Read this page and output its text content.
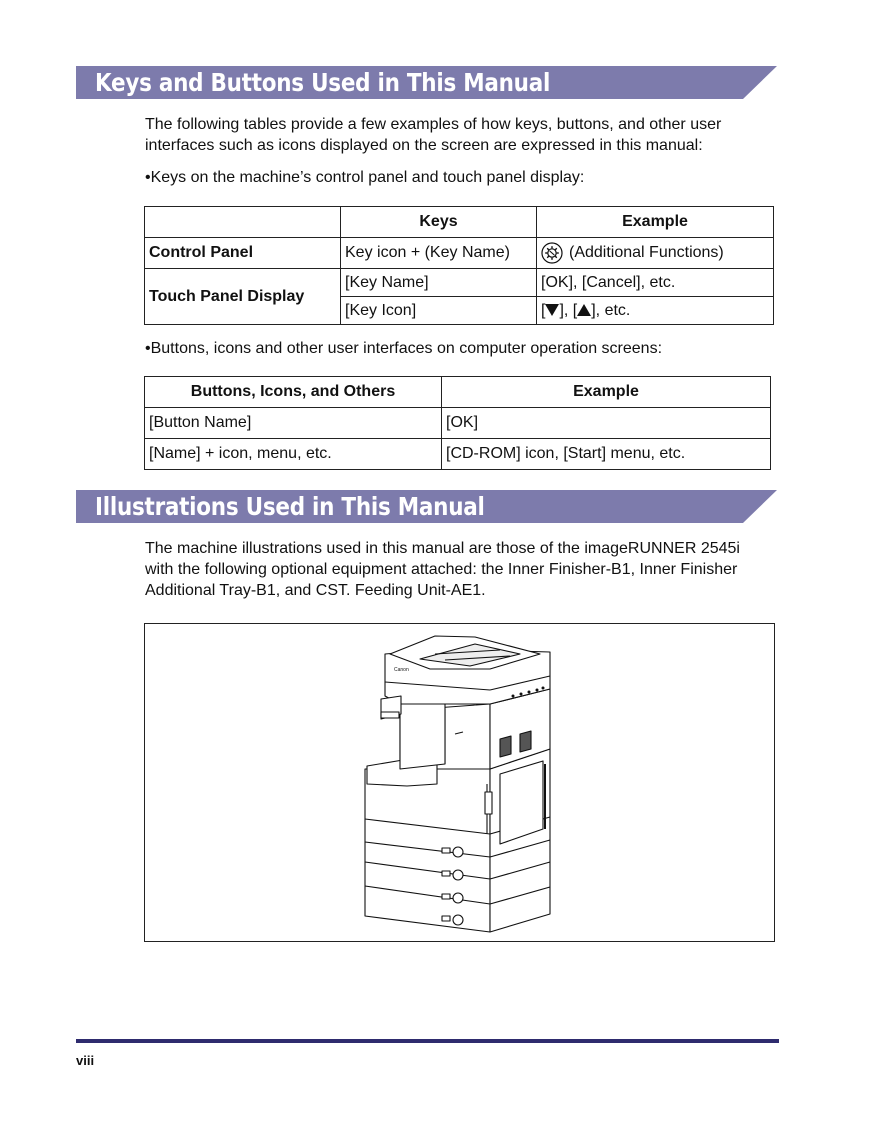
Keys and Buttons Used in This Manual

The following tables provide a few examples of how keys, buttons, and other user interfaces such as icons displayed on the screen are expressed in this manual:

•Keys on the machine’s control panel and touch panel display:
	Keys	Example
Control Panel	Key icon + (Key Name)	(Additional Functions)
Touch Panel Display	[Key Name]	[OK], [Cancel], etc.
	[Key Icon]	[ ], [ ], etc.
•Buttons, icons and other user interfaces on computer operation screens:
Buttons, Icons, and Others	Example
[Button Name]	[OK]
[Name] + icon, menu, etc.	[CD-ROM] icon, [Start] menu, etc.
Illustrations Used in This Manual

The machine illustrations used in this manual are those of the imageRUNNER 2545i with the following optional equipment attached: the Inner Finisher-B1, Inner Finisher Additional Tray-B1, and CST. Feeding Unit-AE1.

Canon
viii
